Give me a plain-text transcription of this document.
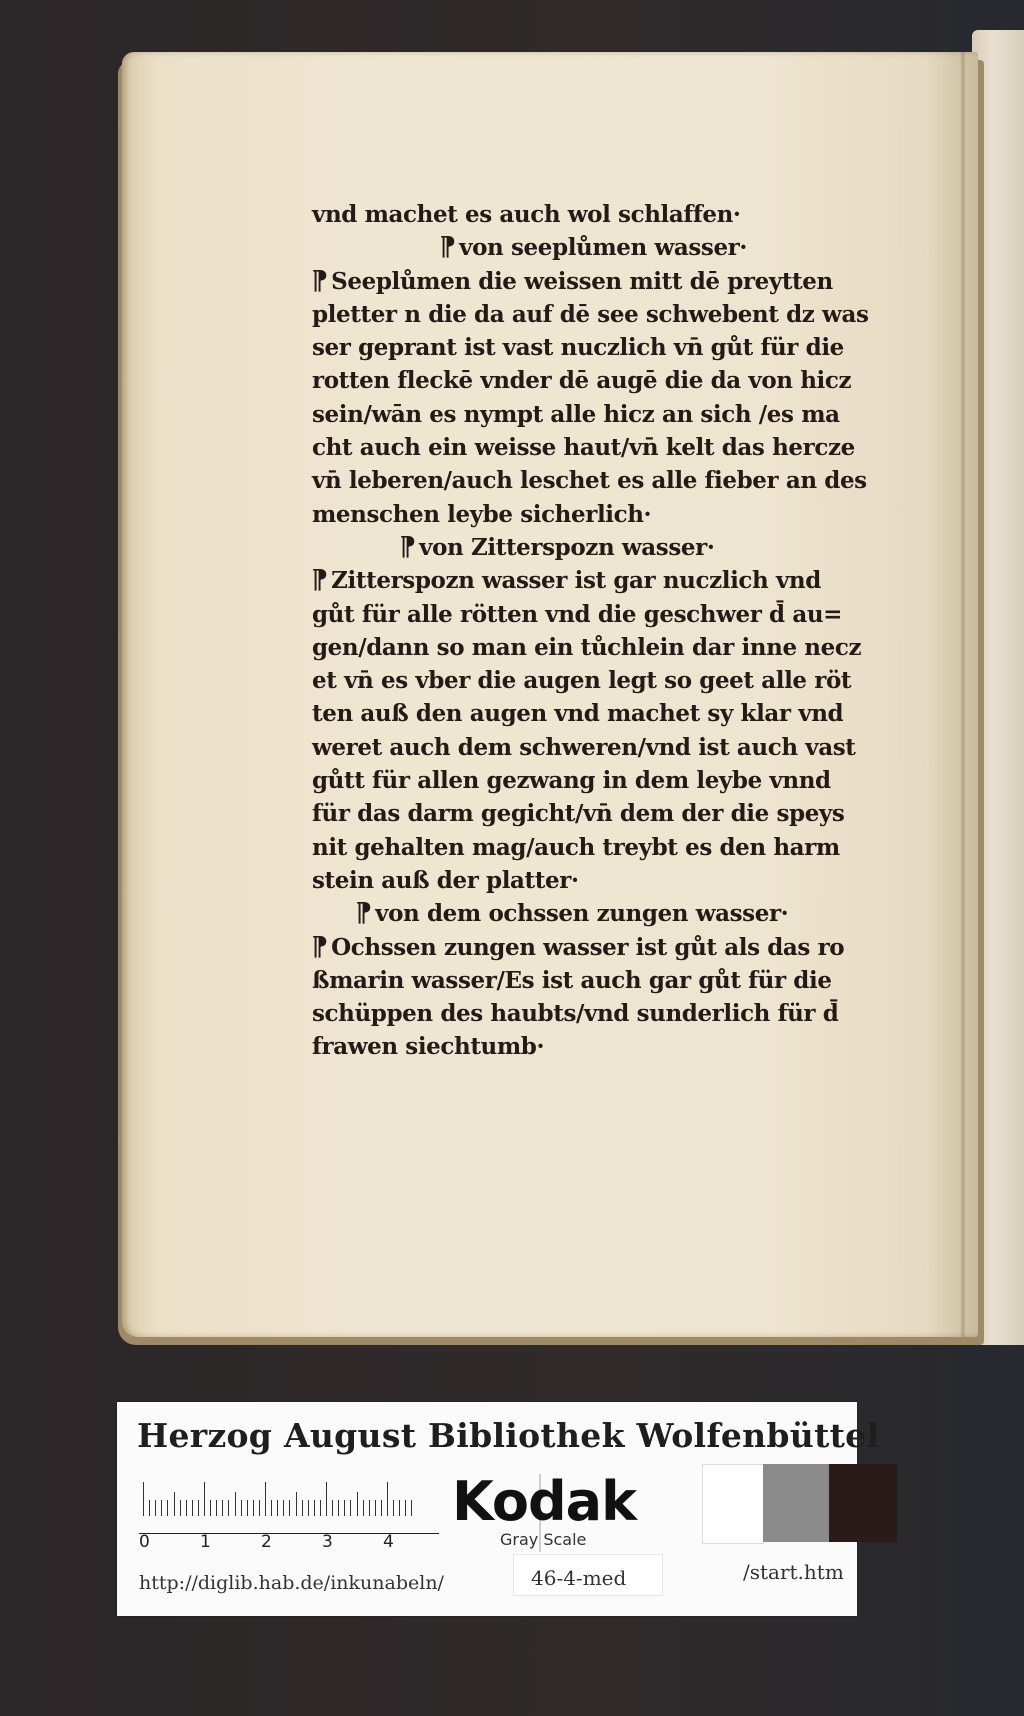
vnd machet es auch wol schlaffen·
¶ von seeplůmen wasser·
¶ Seeplůmen die weissen mitt dē preytten
pletter n die da auf dē see schwebent dz was
ser geprant ist vast nuczlich vn̄ gůt für die
rotten fleckē vnder dē augē die da von hicz
sein/wān es nympt alle hicz an sich /es ma
cht auch ein weisse haut/vn̄ kelt das hercze
vn̄ leberen/auch leschet es alle fieber an des
menschen leybe sicherlich·
¶ von Zitterspozn wasser·
¶ Zitterspozn wasser ist gar nuczlich vnd
gůt für alle rötten vnd die geschwer d̄ au=
gen/dann so man ein tůchlein dar inne necz
et vn̄ es vber die augen legt so geet alle röt
ten auß den augen vnd machet sy klar vnd
weret auch dem schweren/vnd ist auch vast
gůtt für allen gezwang in dem leybe vnnd
für das darm gegicht/vn̄ dem der die speys
nit gehalten mag/auch treybt es den harm
stein auß der platter·
¶ von dem ochssen zungen wasser·
¶ Ochssen zungen wasser ist gůt als das ro
ßmarin wasser/Es ist auch gar gůt für die
schüppen des haubts/vnd sunderlich für d̄
frawen siechtumb·
Herzog August Bibliothek Wolfenbüttel
0	1	2	3	4
Kodak
Gray Scale
http://diglib.hab.de/inkunabeln/	46-4-med	/start.htm
